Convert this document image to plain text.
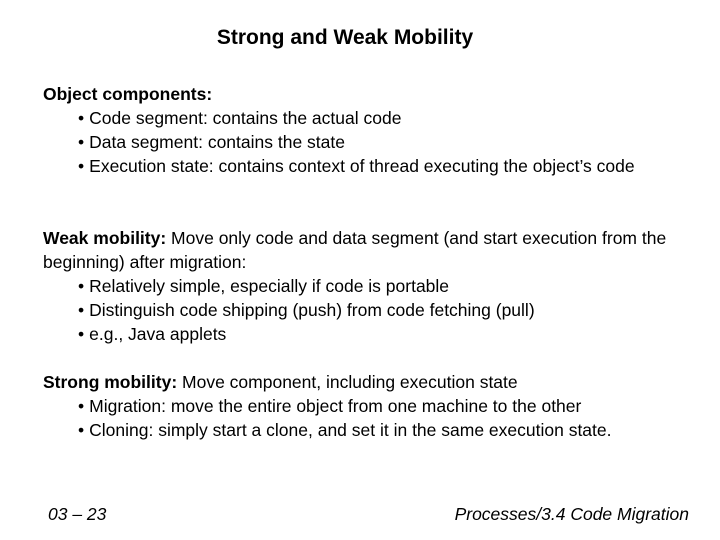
Strong and Weak Mobility
Object components:
• Code segment: contains the actual code
• Data segment: contains the state
• Execution state: contains context of thread executing the object’s code
Weak mobility: Move only code and data segment (and start execution from the beginning) after migration:
• Relatively simple, especially if code is portable
• Distinguish code shipping (push) from code fetching (pull)
• e.g., Java applets
Strong mobility: Move component, including execution state
• Migration: move the entire object from one machine to the other
• Cloning: simply start a clone, and set it in the same execution state.
03 – 23	Processes/3.4 Code Migration
